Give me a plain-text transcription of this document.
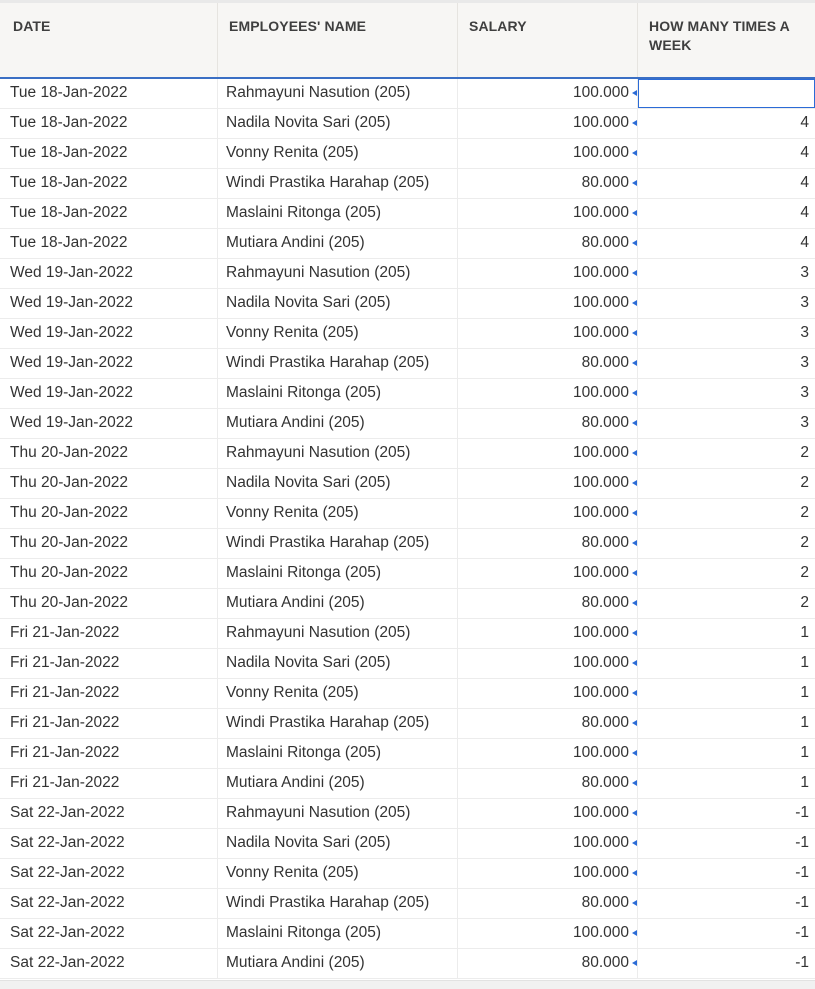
DATE	EMPLOYEES' NAME	SALARY	HOW MANY TIMES A WEEK
Tue 18-Jan-2022	Rahmayuni Nasution (205)	100.000
Tue 18-Jan-2022	Nadila Novita Sari (205)	100.000	4
Tue 18-Jan-2022	Vonny Renita (205)	100.000	4
Tue 18-Jan-2022	Windi Prastika Harahap (205)	80.000	4
Tue 18-Jan-2022	Maslaini Ritonga (205)	100.000	4
Tue 18-Jan-2022	Mutiara Andini (205)	80.000	4
Wed 19-Jan-2022	Rahmayuni Nasution (205)	100.000	3
Wed 19-Jan-2022	Nadila Novita Sari (205)	100.000	3
Wed 19-Jan-2022	Vonny Renita (205)	100.000	3
Wed 19-Jan-2022	Windi Prastika Harahap (205)	80.000	3
Wed 19-Jan-2022	Maslaini Ritonga (205)	100.000	3
Wed 19-Jan-2022	Mutiara Andini (205)	80.000	3
Thu 20-Jan-2022	Rahmayuni Nasution (205)	100.000	2
Thu 20-Jan-2022	Nadila Novita Sari (205)	100.000	2
Thu 20-Jan-2022	Vonny Renita (205)	100.000	2
Thu 20-Jan-2022	Windi Prastika Harahap (205)	80.000	2
Thu 20-Jan-2022	Maslaini Ritonga (205)	100.000	2
Thu 20-Jan-2022	Mutiara Andini (205)	80.000	2
Fri 21-Jan-2022	Rahmayuni Nasution (205)	100.000	1
Fri 21-Jan-2022	Nadila Novita Sari (205)	100.000	1
Fri 21-Jan-2022	Vonny Renita (205)	100.000	1
Fri 21-Jan-2022	Windi Prastika Harahap (205)	80.000	1
Fri 21-Jan-2022	Maslaini Ritonga (205)	100.000	1
Fri 21-Jan-2022	Mutiara Andini (205)	80.000	1
Sat 22-Jan-2022	Rahmayuni Nasution (205)	100.000	-1
Sat 22-Jan-2022	Nadila Novita Sari (205)	100.000	-1
Sat 22-Jan-2022	Vonny Renita (205)	100.000	-1
Sat 22-Jan-2022	Windi Prastika Harahap (205)	80.000	-1
Sat 22-Jan-2022	Maslaini Ritonga (205)	100.000	-1
Sat 22-Jan-2022	Mutiara Andini (205)	80.000	-1
